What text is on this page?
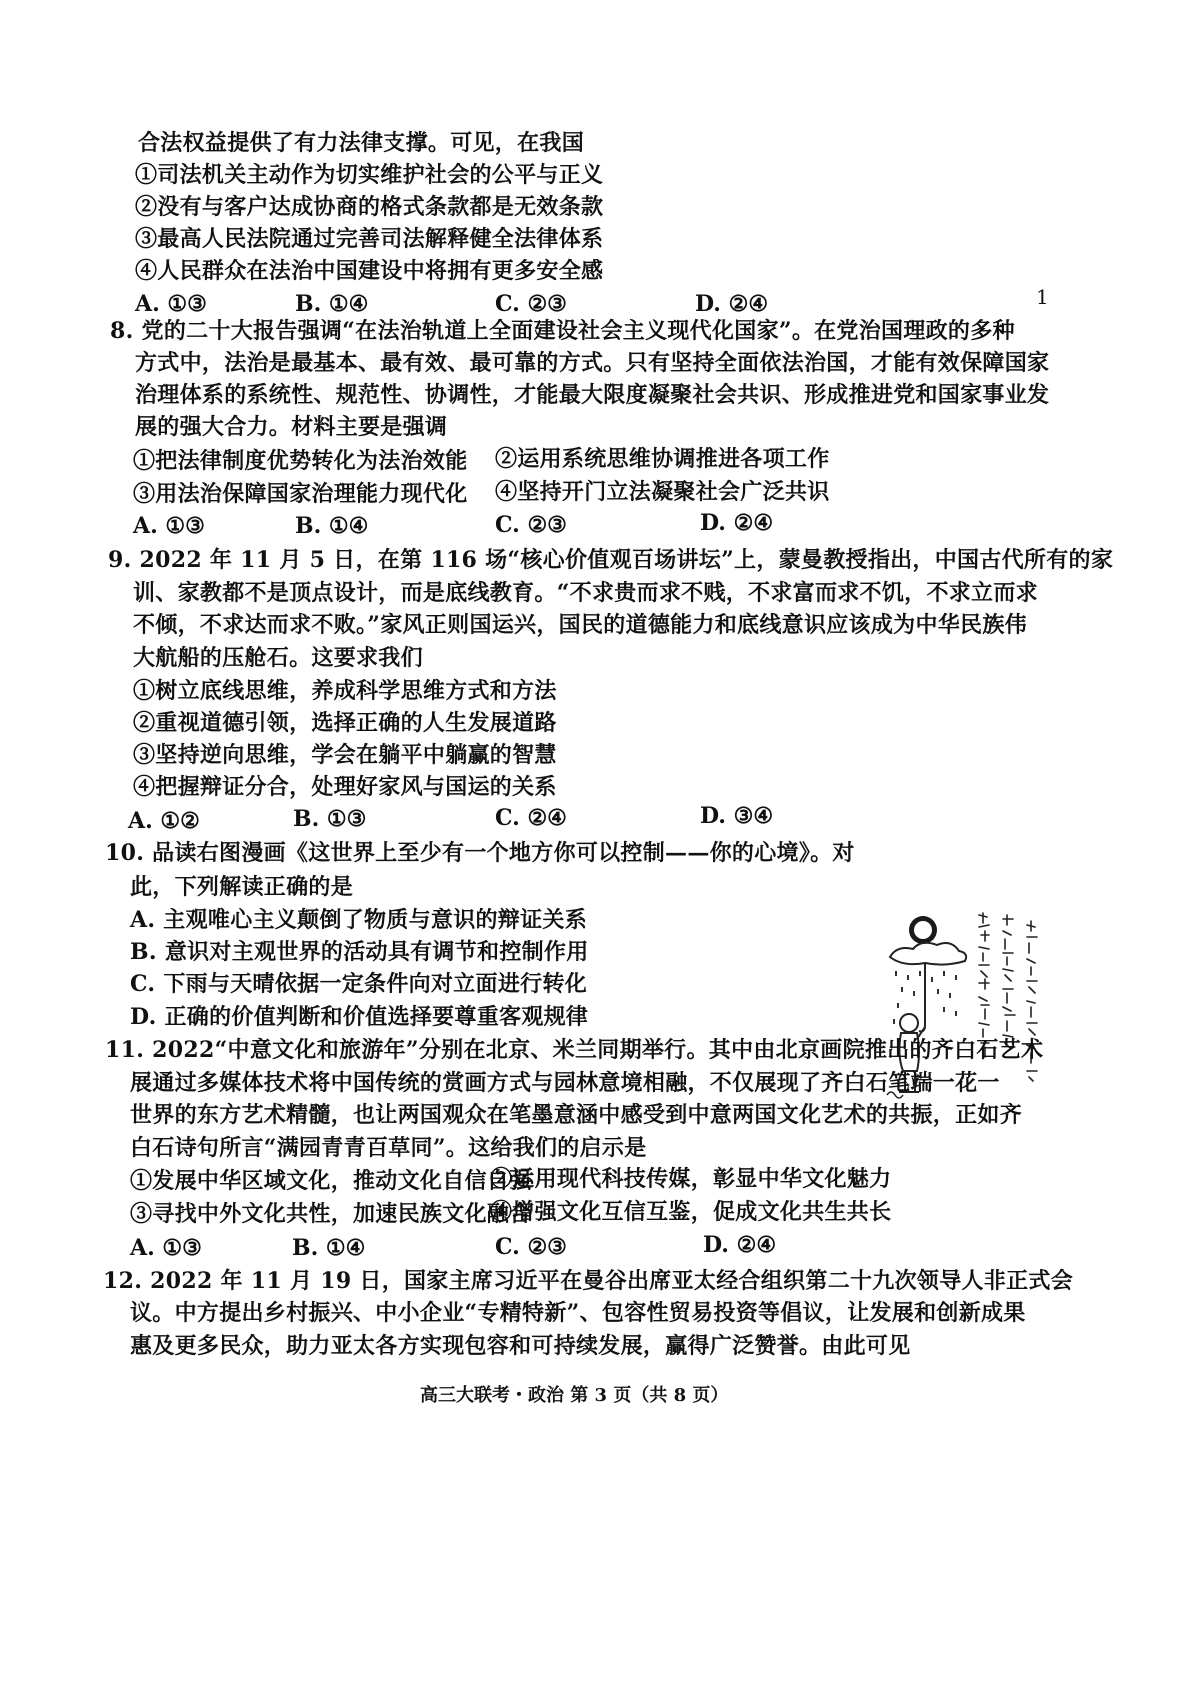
合法权益提供了有力法律支撑。可见，在我国
①司法机关主动作为切实维护社会的公平与正义
②没有与客户达成协商的格式条款都是无效条款
③最高人民法院通过完善司法解释健全法律体系
④人民群众在法治中国建设中将拥有更多安全感
A. ①③	B. ①④	C. ②③	D. ②④	1
8. 党的二十大报告强调“在法治轨道上全面建设社会主义现代化国家”。在党治国理政的多种
方式中，法治是最基本、最有效、最可靠的方式。只有坚持全面依法治国，才能有效保障国家
治理体系的系统性、规范性、协调性，才能最大限度凝聚社会共识、形成推进党和国家事业发
展的强大合力。材料主要是强调
①把法律制度优势转化为法治效能 ②运用系统思维协调推进各项工作
③用法治保障国家治理能力现代化 ④坚持开门立法凝聚社会广泛共识
A. ①③	B. ①④	C. ②③	D. ②④
9. 2022 年 11 月 5 日，在第 116 场“核心价值观百场讲坛”上，蒙曼教授指出，中国古代所有的家
训、家教都不是顶点设计，而是底线教育。“不求贵而求不贱，不求富而求不饥，不求立而求
不倾，不求达而求不败。”家风正则国运兴，国民的道德能力和底线意识应该成为中华民族伟
大航船的压舱石。这要求我们
①树立底线思维，养成科学思维方式和方法
②重视道德引领，选择正确的人生发展道路
③坚持逆向思维，学会在躺平中躺赢的智慧
④把握辩证分合，处理好家风与国运的关系
A. ①②	B. ①③	C. ②④	D. ③④
10. 品读右图漫画《这世界上至少有一个地方你可以控制——你的心境》。对
此，下列解读正确的是
A. 主观唯心主义颠倒了物质与意识的辩证关系
B. 意识对主观世界的活动具有调节和控制作用
C. 下雨与天晴依据一定条件向对立面进行转化
D. 正确的价值判断和价值选择要尊重客观规律
11. 2022“中意文化和旅游年”分别在北京、米兰同期举行。其中由北京画院推出的齐白石艺术
展通过多媒体技术将中国传统的赏画方式与园林意境相融，不仅展现了齐白石笔端一花一
世界的东方艺术精髓，也让两国观众在笔墨意涵中感受到中意两国文化艺术的共振，正如齐
白石诗句所言“满园青青百草同”。这给我们的启示是
①发展中华区域文化，推动文化自信自强
②运用现代科技传媒，彰显中华文化魅力
③寻找中外文化共性，加速民族文化融合
④增强文化互信互鉴，促成文化共生共长
A. ①③	B. ①④	C. ②③	D. ②④
12. 2022 年 11 月 19 日，国家主席习近平在曼谷出席亚太经合组织第二十九次领导人非正式会
议。中方提出乡村振兴、中小企业“专精特新”、包容性贸易投资等倡议，让发展和创新成果
惠及更多民众，助力亚太各方实现包容和可持续发展，赢得广泛赞誉。由此可见
高三大联考・政治 第 3 页（共 8 页）
